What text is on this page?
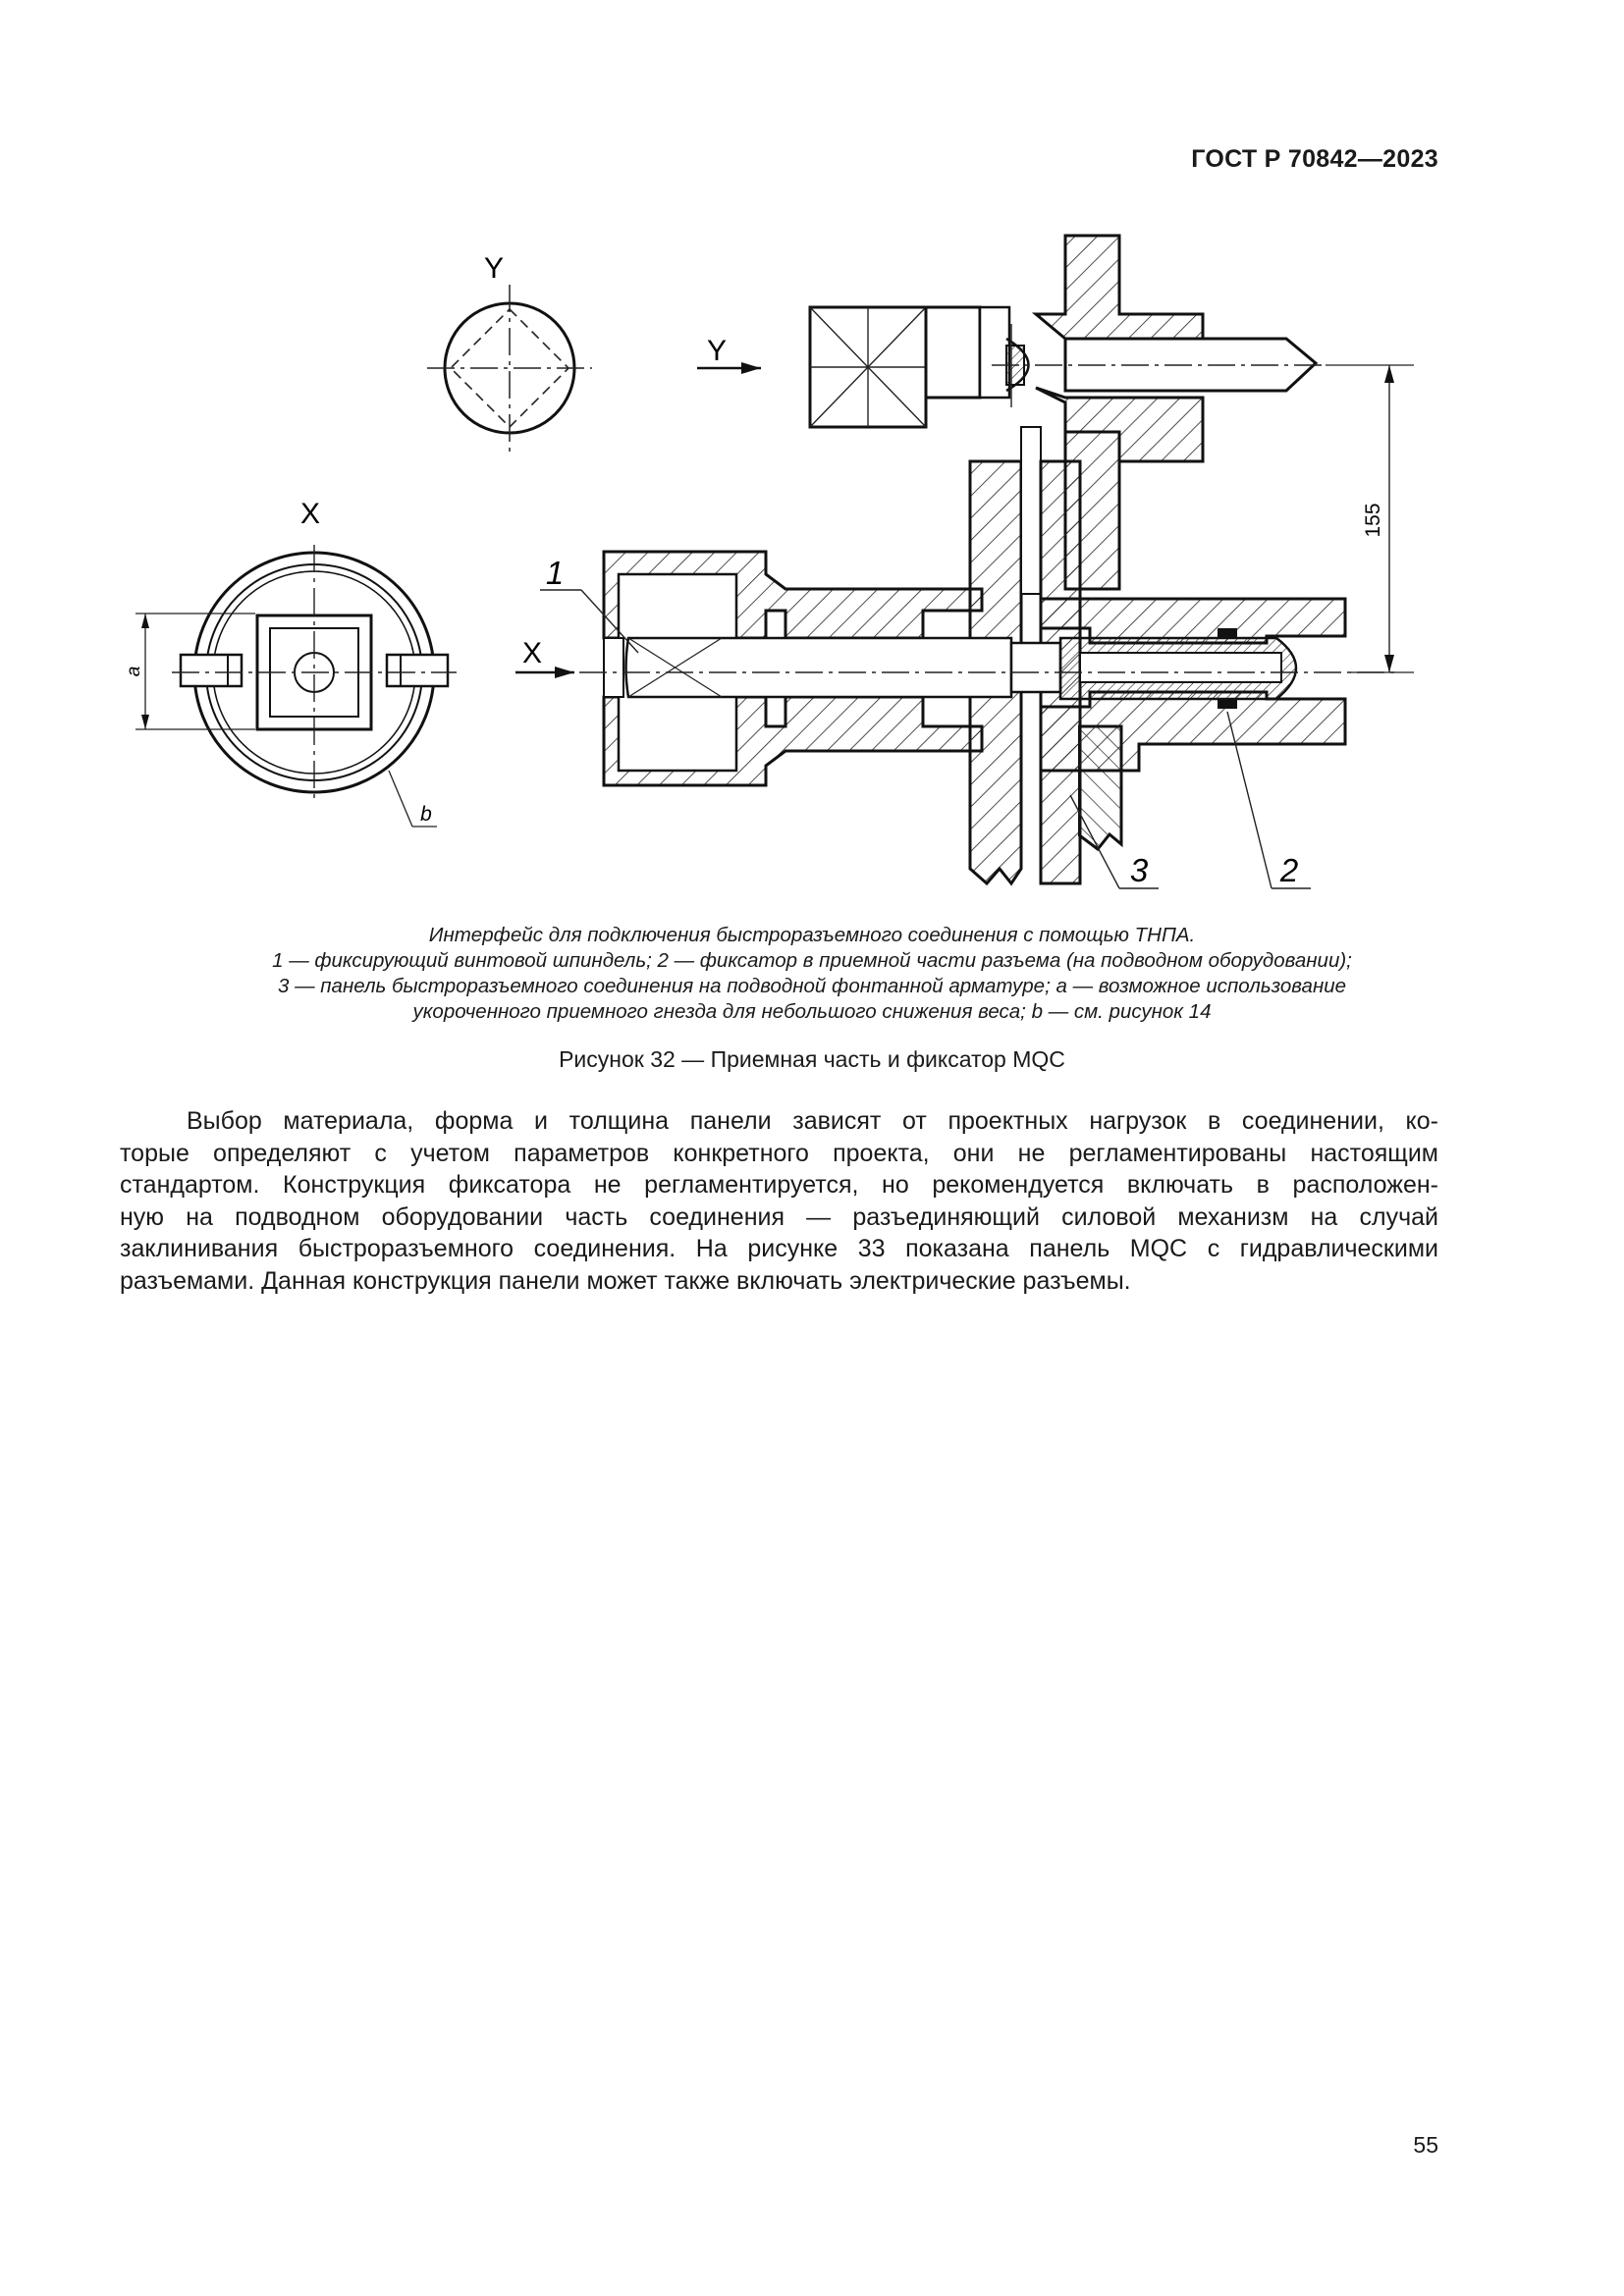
ГОСТ Р 70842—2023
Y
X
a
b
Y
X
155
1
3	2
Интерфейс для подключения быстроразъемного соединения с помощью ТНПА.
1 — фиксирующий винтовой шпиндель; 2 — фиксатор в приемной части разъема (на подводном оборудовании);
3 — панель быстроразъемного соединения на подводной фонтанной арматуре; a — возможное использование
укороченного приемного гнезда для небольшого снижения веса; b — см. рисунок 14
Рисунок 32 — Приемная часть и фиксатор MQC
Выбор материала, форма и толщина панели зависят от проектных нагрузок в соединении, ко-
торые определяют с учетом параметров конкретного проекта, они не регламентированы настоящим
стандартом. Конструкция фиксатора не регламентируется, но рекомендуется включать в расположен-
ную на подводном оборудовании часть соединения — разъединяющий силовой механизм на случай
заклинивания быстроразъемного соединения. На рисунке 33 показана панель MQC с гидравлическими
разъемами. Данная конструкция панели может также включать электрические разъемы.
55
